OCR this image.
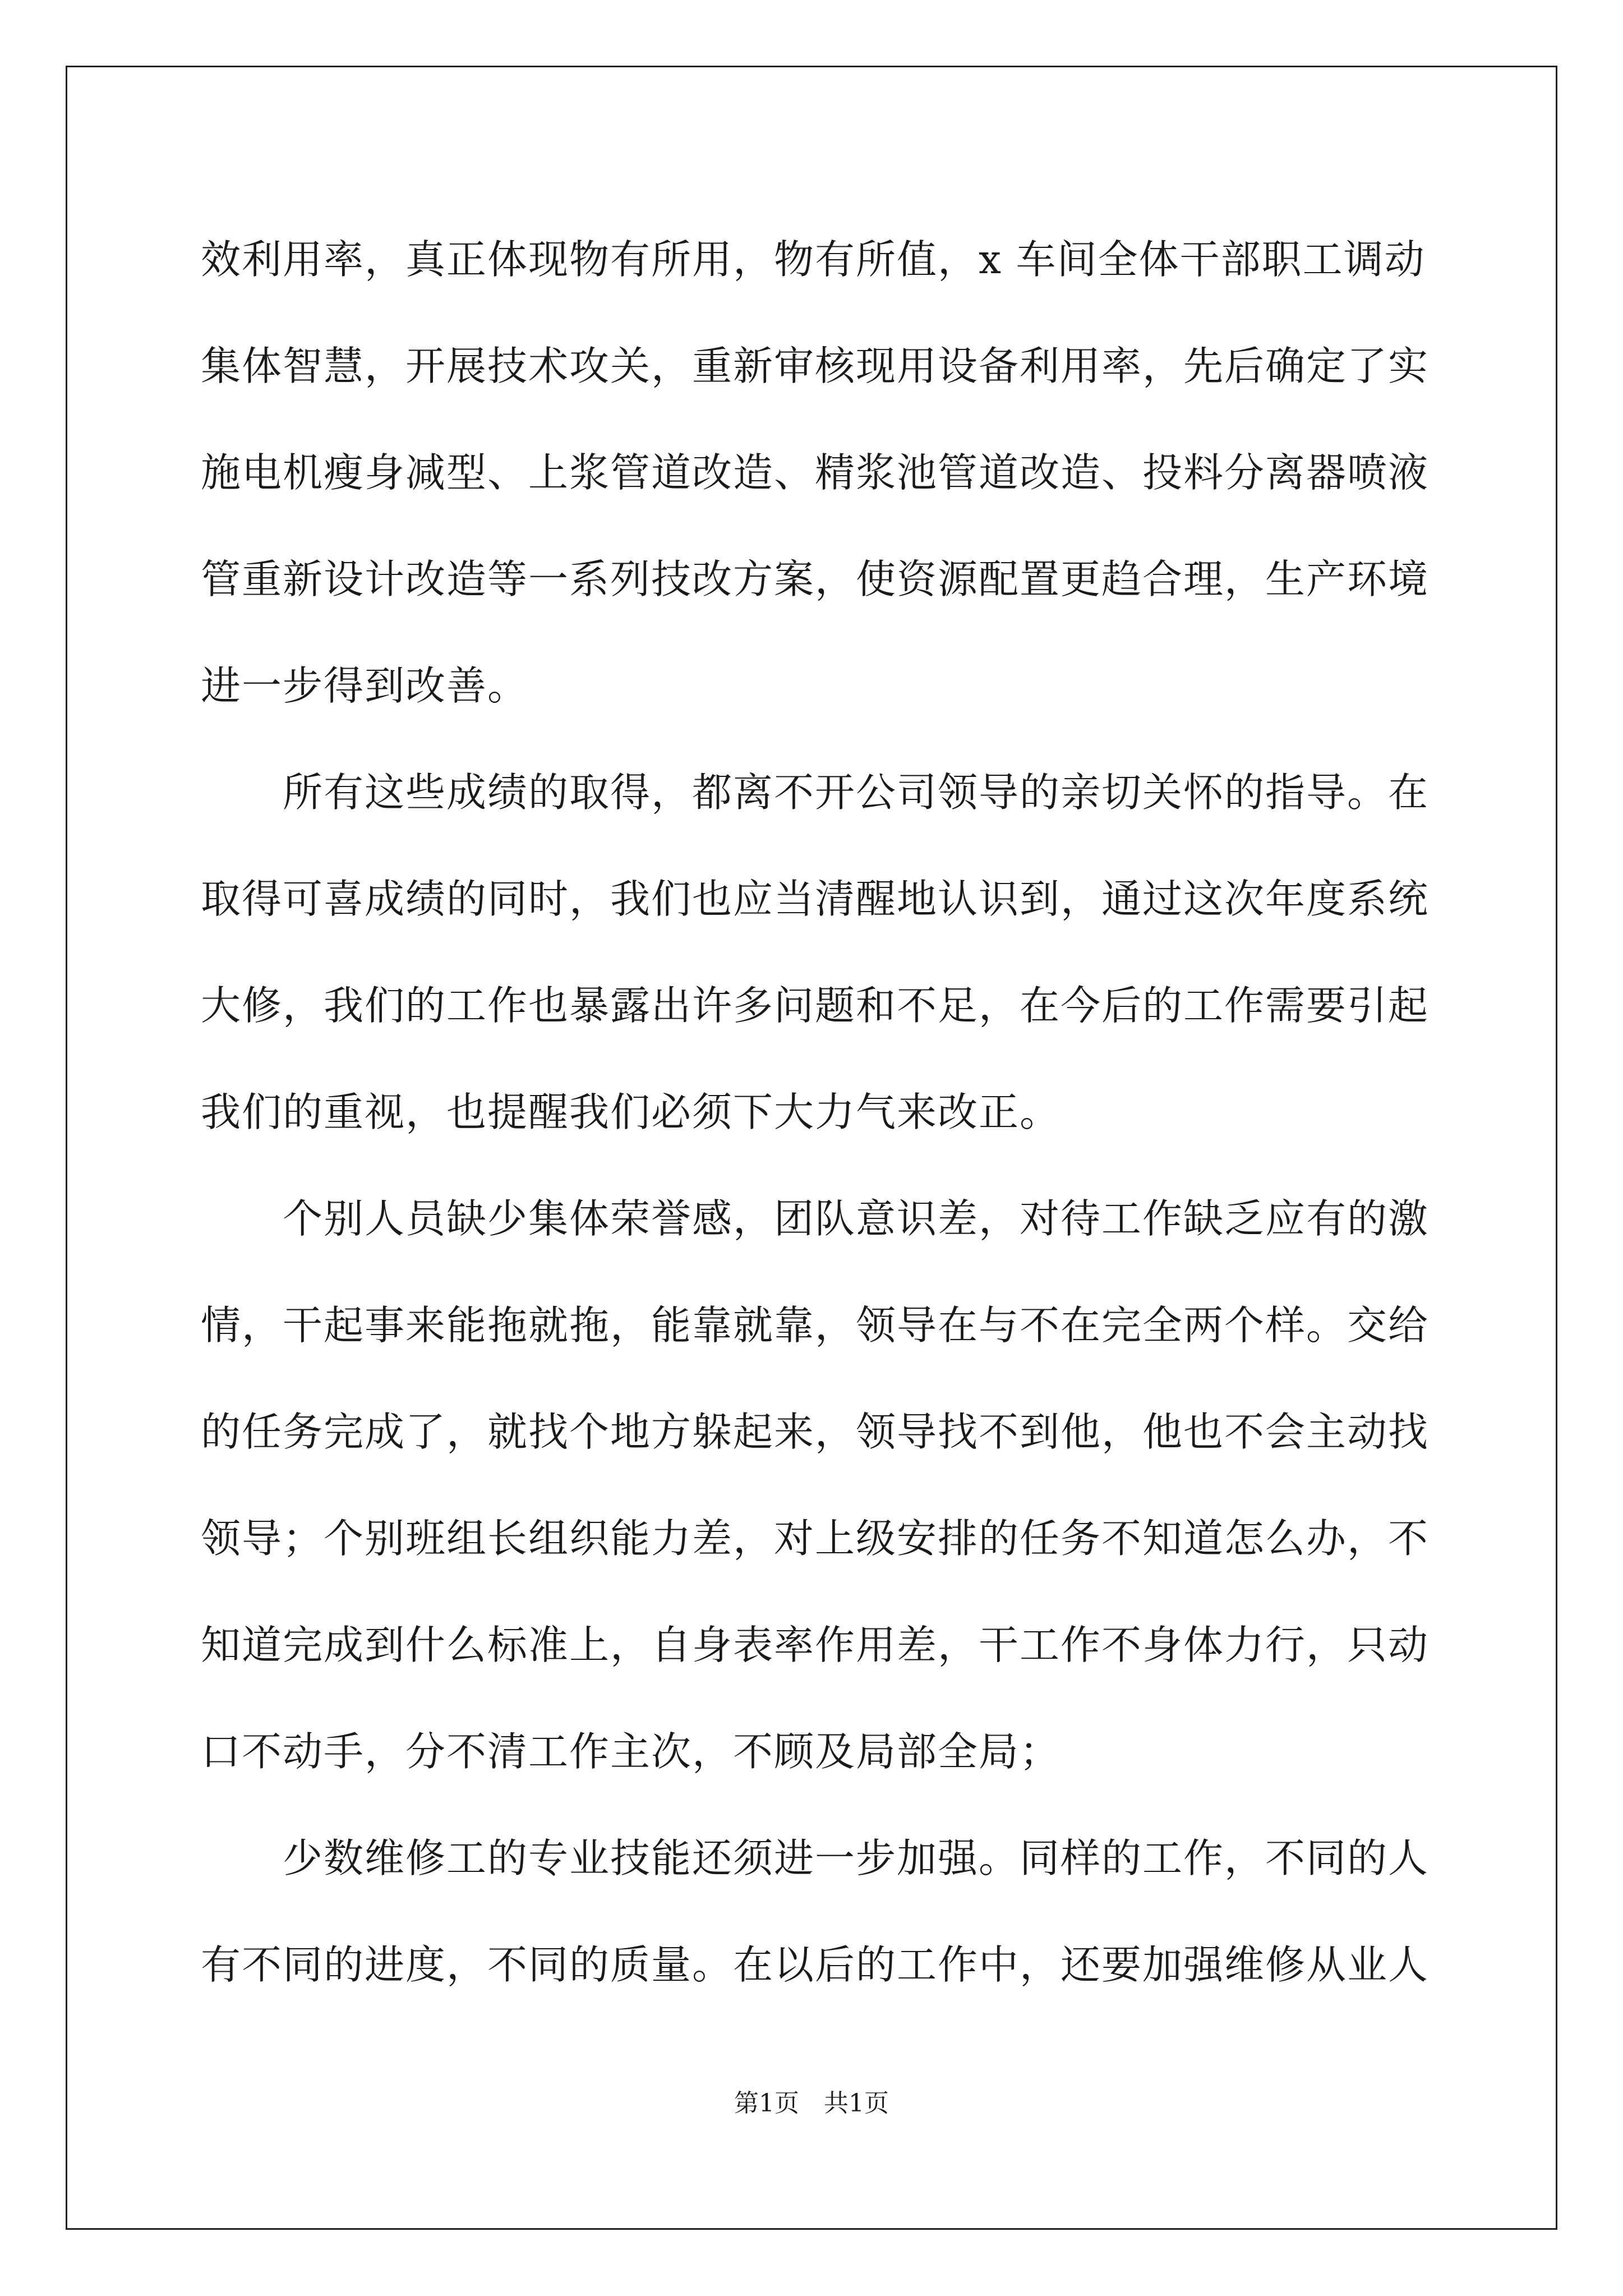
效利用率，真正体现物有所用，物有所值，x 车间全体干部职工调动
集体智慧，开展技术攻关，重新审核现用设备利用率，先后确定了实
施电机瘦身减型、上浆管道改造、精浆池管道改造、投料分离器喷液
管重新设计改造等一系列技改方案，使资源配置更趋合理，生产环境
进一步得到改善。
所有这些成绩的取得，都离不开公司领导的亲切关怀的指导。在
取得可喜成绩的同时，我们也应当清醒地认识到，通过这次年度系统
大修，我们的工作也暴露出许多问题和不足，在今后的工作需要引起
我们的重视，也提醒我们必须下大力气来改正。
个别人员缺少集体荣誉感，团队意识差，对待工作缺乏应有的激
情，干起事来能拖就拖，能靠就靠，领导在与不在完全两个样。交给
的任务完成了，就找个地方躲起来，领导找不到他，他也不会主动找
领导；个别班组长组织能力差，对上级安排的任务不知道怎么办，不
知道完成到什么标准上，自身表率作用差，干工作不身体力行，只动
口不动手，分不清工作主次，不顾及局部全局；
少数维修工的专业技能还须进一步加强。同样的工作，不同的人
有不同的进度，不同的质量。在以后的工作中，还要加强维修从业人
第1页　共1页
